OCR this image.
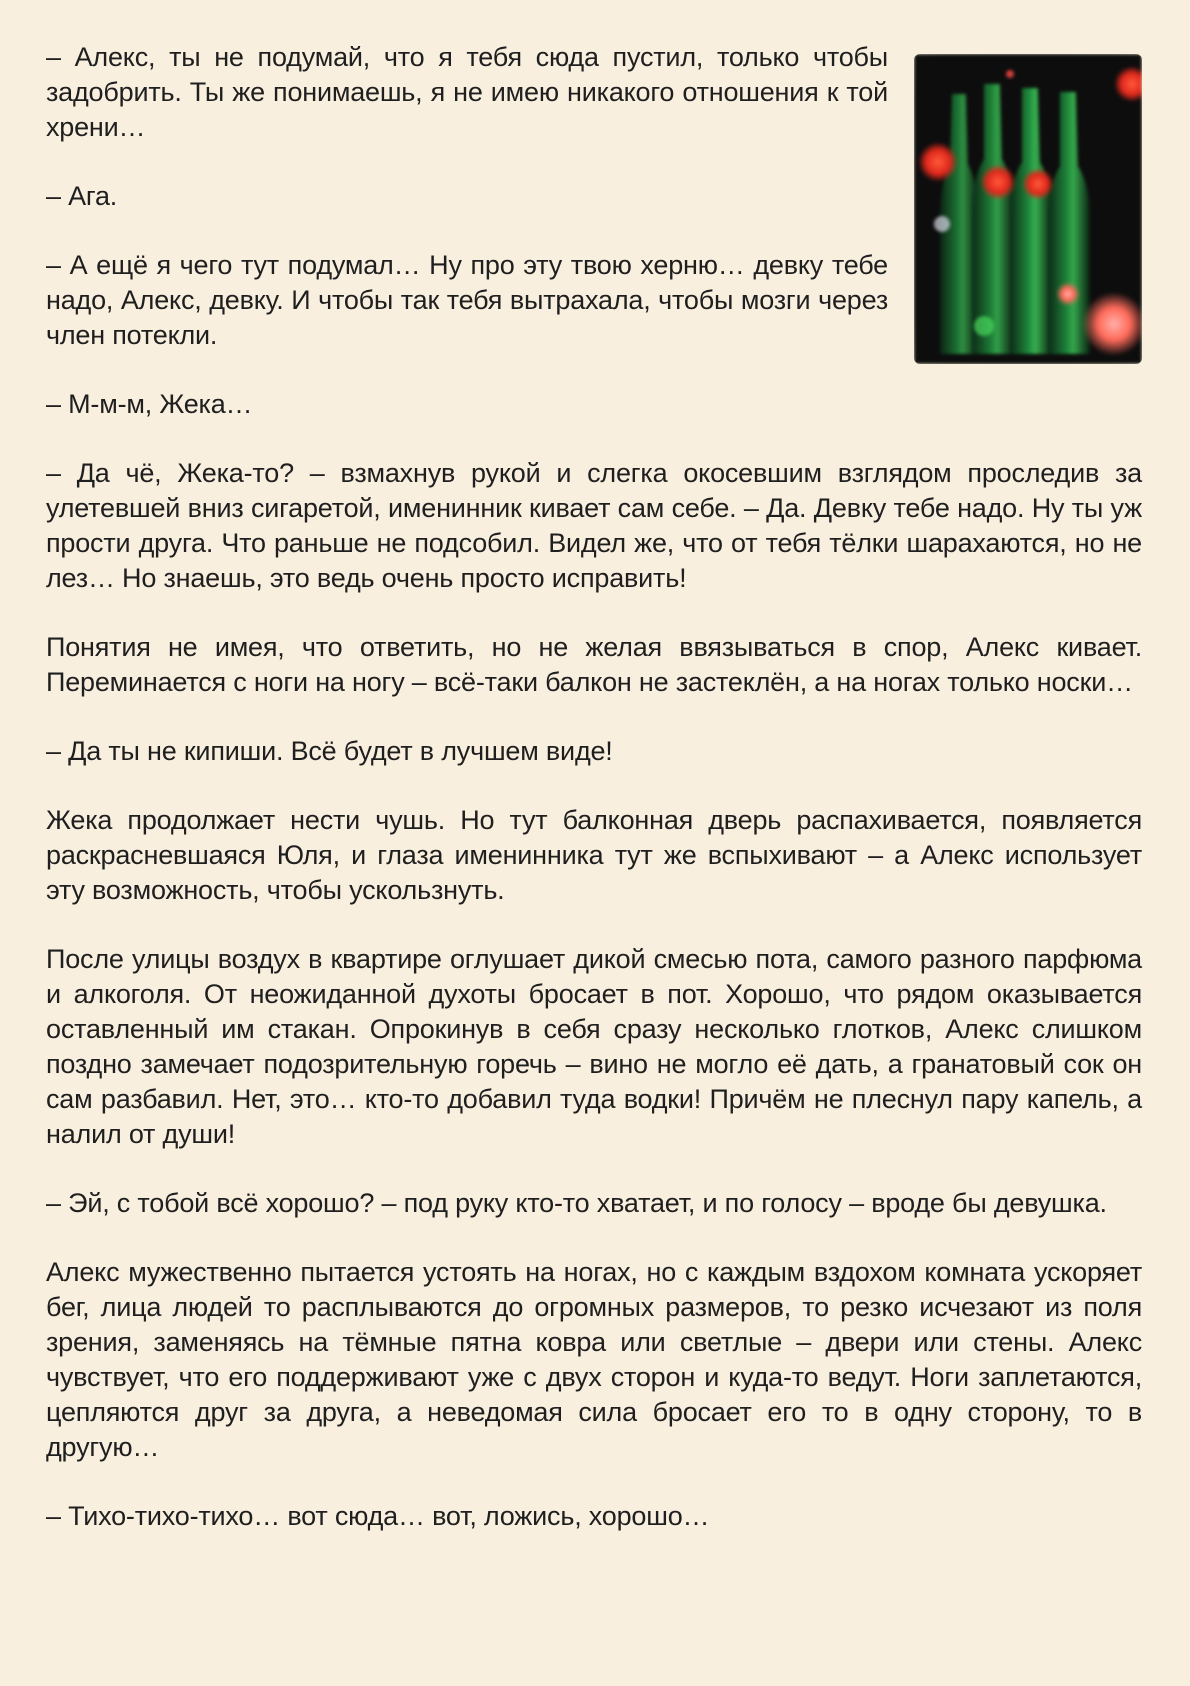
– Алекс, ты не подумай, что я тебя сюда пустил, только чтобы задобрить. Ты же понимаешь, я не имею никакого отношения к той хрени…

– Ага.

– А ещё я чего тут подумал… Ну про эту твою херню… девку тебе надо, Алекс, девку. И чтобы так тебя вытрахала, чтобы мозги через член потекли.

– М-м-м, Жека…

– Да чё, Жека-то? – взмахнув рукой и слегка окосевшим взглядом проследив за улетевшей вниз сигаретой, именинник кивает сам себе. – Да. Девку тебе надо. Ну ты уж прости друга. Что раньше не подсобил. Видел же, что от тебя тёлки шарахаются, но не лез… Но знаешь, это ведь очень просто исправить!

Понятия не имея, что ответить, но не желая ввязываться в спор, Алекс кивает. Переминается с ноги на ногу – всё-таки балкон не застеклён, а на ногах только носки…

– Да ты не кипиши. Всё будет в лучшем виде!

Жека продолжает нести чушь. Но тут балконная дверь распахивается, появляется раскрасневшаяся Юля, и глаза именинника тут же вспыхивают – а Алекс использует эту возможность, чтобы ускользнуть.

После улицы воздух в квартире оглушает дикой смесью пота, самого разного парфюма и алкоголя. От неожиданной духоты бросает в пот. Хорошо, что рядом оказывается оставленный им стакан. Опрокинув в себя сразу несколько глотков, Алекс слишком поздно замечает подозрительную горечь – вино не могло её дать, а гранатовый сок он сам разбавил. Нет, это… кто-то добавил туда водки! Причём не плеснул пару капель, а налил от души!

– Эй, с тобой всё хорошо? – под руку кто-то хватает, и по голосу – вроде бы девушка.

Алекс мужественно пытается устоять на ногах, но с каждым вздохом комната ускоряет бег, лица людей то расплываются до огромных размеров, то резко исчезают из поля зрения, заменяясь на тёмные пятна ковра или светлые – двери или стены. Алекс чувствует, что его поддерживают уже с двух сторон и куда-то ведут. Ноги заплетаются, цепляются друг за друга, а неведомая сила бросает его то в одну сторону, то в другую…

– Тихо-тихо-тихо… вот сюда… вот, ложись, хорошо…
